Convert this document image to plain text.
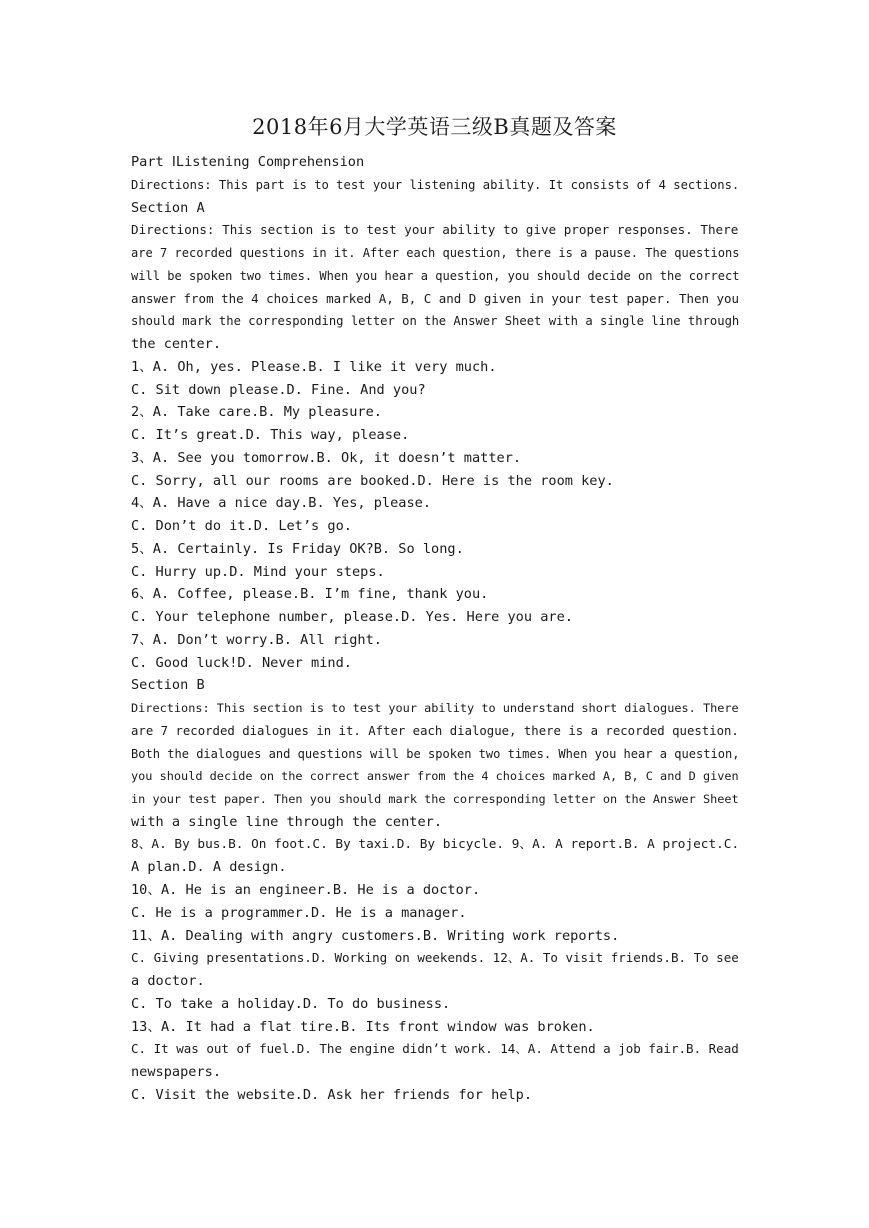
2018年6月大学英语三级B真题及答案
Part ⅠListening Comprehension
Directions: This part is to test your listening ability. It consists of 4 sections.
Section A
Directions: This section is to test your ability to give proper responses. There
are 7 recorded questions in it. After each question, there is a pause. The questions
will be spoken two times. When you hear a question, you should decide on the correct
answer from the 4 choices marked A, B, C and D given in your test paper. Then you
should mark the corresponding letter on the Answer Sheet with a single line through
the center.
1、A. Oh, yes. Please.B. I like it very much.
C. Sit down please.D. Fine. And you?
2、A. Take care.B. My pleasure.
C. It’s great.D. This way, please.
3、A. See you tomorrow.B. Ok, it doesn’t matter.
C. Sorry, all our rooms are booked.D. Here is the room key.
4、A. Have a nice day.B. Yes, please.
C. Don’t do it.D. Let’s go.
5、A. Certainly. Is Friday OK?B. So long.
C. Hurry up.D. Mind your steps.
6、A. Coffee, please.B. I’m fine, thank you.
C. Your telephone number, please.D. Yes. Here you are.
7、A. Don’t worry.B. All right.
C. Good luck!D. Never mind.
Section B
Directions: This section is to test your ability to understand short dialogues. There
are 7 recorded dialogues in it. After each dialogue, there is a recorded question.
Both the dialogues and questions will be spoken two times. When you hear a question,
you should decide on the correct answer from the 4 choices marked A, B, C and D given
in your test paper. Then you should mark the corresponding letter on the Answer Sheet
with a single line through the center.
8、A. By bus.B. On foot.C. By taxi.D. By bicycle. 9、A. A report.B. A project.C.
A plan.D. A design.
10、A. He is an engineer.B. He is a doctor.
C. He is a programmer.D. He is a manager.
11、A. Dealing with angry customers.B. Writing work reports.
C. Giving presentations.D. Working on weekends. 12、A. To visit friends.B. To see
a doctor.
C. To take a holiday.D. To do business.
13、A. It had a flat tire.B. Its front window was broken.
C. It was out of fuel.D. The engine didn’t work. 14、A. Attend a job fair.B. Read
newspapers.
C. Visit the website.D. Ask her friends for help.
